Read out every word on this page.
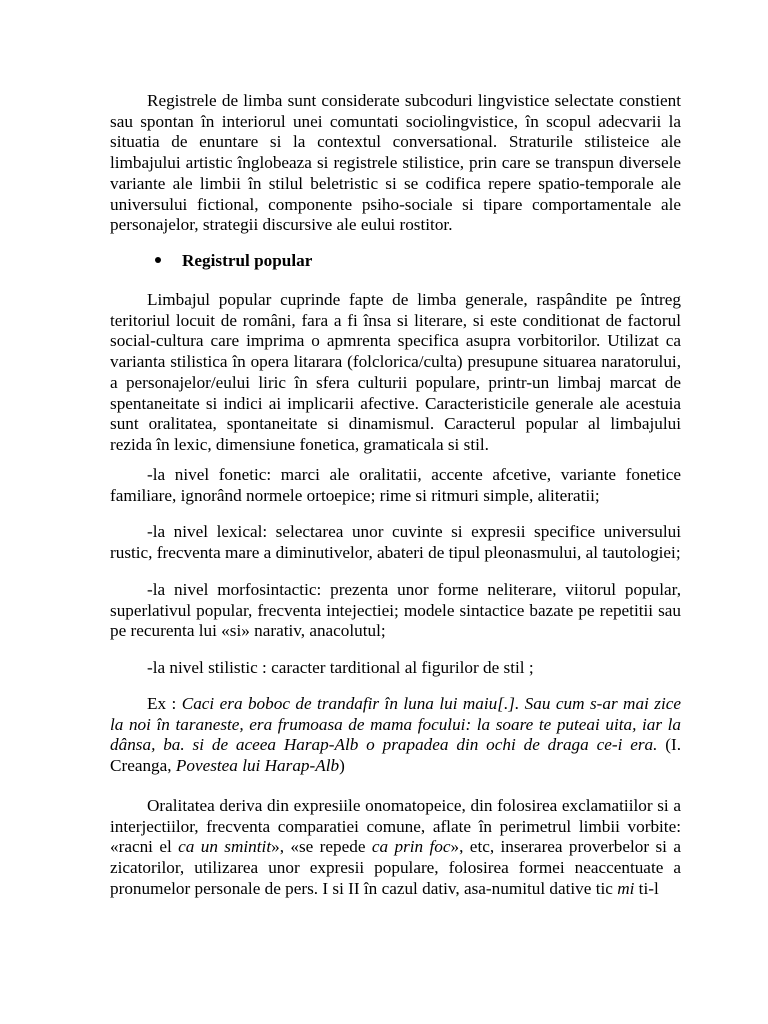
Registrele de limba sunt considerate subcoduri lingvistice selectate constient sau spontan în interiorul unei comuntati sociolingvistice, în scopul adecvarii la situatia de enuntare si la contextul conversational. Straturile stilisteice ale limbajului artistic înglobeaza si registrele stilistice, prin care se transpun diversele variante ale limbii în stilul beletristic si se codifica repere spatio-temporale ale universului fictional, componente psiho-sociale si tipare comportamentale ale personajelor, strategii discursive ale eului rostitor.

Registrul popular

Limbajul popular cuprinde fapte de limba generale, raspândite pe întreg teritoriul locuit de români, fara a fi însa si literare, si este conditionat de factorul social-cultura care imprima o apmrenta specifica asupra vorbitorilor. Utilizat ca varianta stilistica în opera litarara (folclorica/culta) presupune situarea naratorului, a personajelor/eului liric în sfera culturii populare, printr-un limbaj marcat de spentaneitate si indici ai implicarii afective. Caracteristicile generale ale acestuia sunt oralitatea, spontaneitate si dinamismul. Caracterul popular al limbajului rezida în lexic, dimensiune fonetica, gramaticala si stil.

-la nivel fonetic: marci ale oralitatii, accente afcetive, variante fonetice familiare, ignorând normele ortoepice; rime si ritmuri simple, aliteratii;

-la nivel lexical: selectarea unor cuvinte si expresii specifice universului rustic, frecventa mare a diminutivelor, abateri de tipul pleonasmului, al tautologiei;

-la nivel morfosintactic: prezenta unor forme neliterare, viitorul popular, superlativul popular, frecventa intejectiei; modele sintactice bazate pe repetitii sau pe recurenta lui «si» narativ, anacolutul;

-la nivel stilistic : caracter tarditional al figurilor de stil ;

Ex : Caci era boboc de trandafir în luna lui maiu[.]. Sau cum s-ar mai zice la noi în taraneste, era frumoasa de mama focului: la soare te puteai uita, iar la dânsa, ba. si de aceea Harap-Alb o prapadea din ochi de draga ce-i era. (I. Creanga, Povestea lui Harap-Alb)

Oralitatea deriva din expresiile onomatopeice, din folosirea exclamatiilor si a interjectiilor, frecventa comparatiei comune, aflate în perimetrul limbii vorbite: «racni el ca un smintit», «se repede ca prin foc», etc, inserarea proverbelor si a zicatorilor, utilizarea unor expresii populare, folosirea formei neaccentuate a pronumelor personale de pers. I si II în cazul dativ, asa-numitul dative tic mi ti-l
